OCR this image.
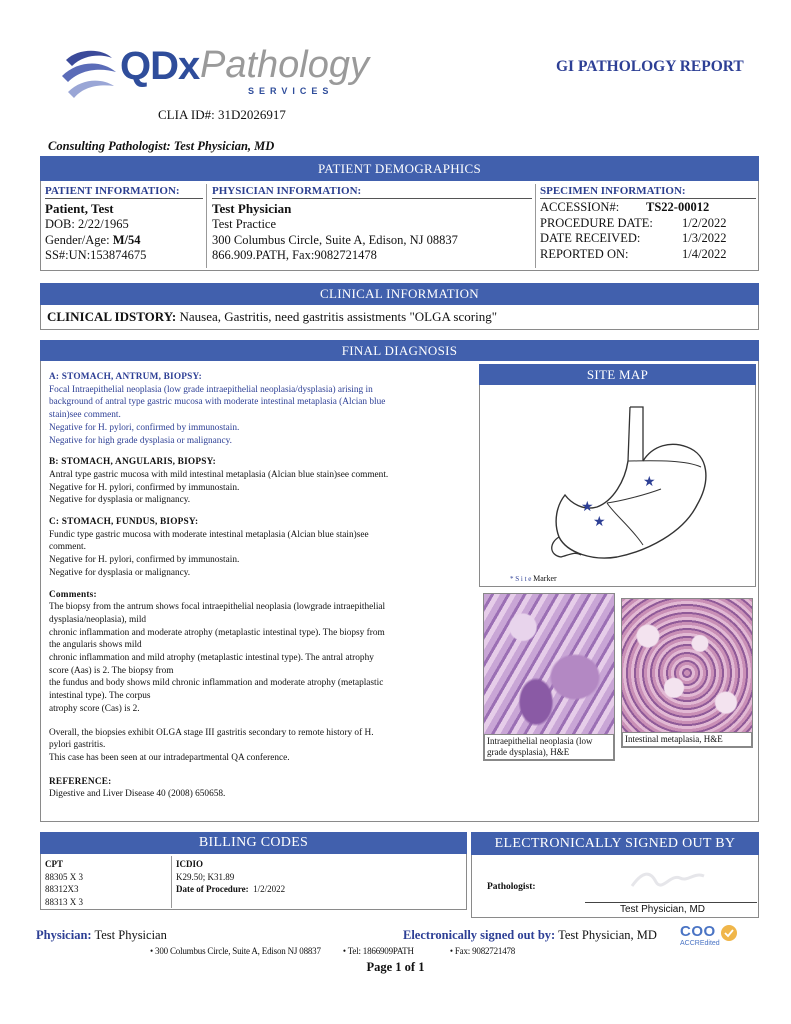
QDx Pathology
SERVICES
GI PATHOLOGY REPORT
CLIA ID#: 31D2026917
Consulting Pathologist: Test Physician, MD
PATIENT DEMOGRAPHICS
PATIENT INFORMATION:
Patient, Test
DOB:
2/22/1965
Gender/Age:
M/54
SS#: UN:153874675
PHYSICIAN INFORMATION:
Test Physician
Test Practice
300 Columbus Circle, Suite A, Edison, NJ 08837
866.909.PATH, Fax:9082721478
SPECIMEN INFORMATION:
ACCESSION#:	TS22-00012
PROCEDURE DATE:	1/2/2022
DATE RECEIVED:	1/3/2022
REPORTED ON:	1/4/2022
CLINICAL INFORMATION
CLINICAL IDSTORY: Nausea, Gastritis, need gastritis assistments "OLGA scoring"
FINAL DIAGNOSIS
A: STOMACH, ANTRUM, BIOPSY:
Focal Intraepithelial neoplasia (low grade intraepithelial neoplasia/dysplasia) arising in
background of antral type gastric mucosa with moderate intestinal metaplasia (Alcian blue
stain)see comment.
Negative for H. pylori, confirmed by immunostain.
Negative for high grade dysplasia or malignancy.
B: STOMACH, ANGULARIS, BIOPSY:
Antral type gastric mucosa with mild intestinal metaplasia (Alcian blue stain)see comment.
Negative for H. pylori, confirmed by immunostain.
Negative for dysplasia or malignancy.
C: STOMACH, FUNDUS, BIOPSY:
Fundic type gastric mucosa with moderate intestinal metaplasia (Alcian blue stain)see
comment.
Negative for H. pylori, confirmed by immunostain.
Negative for dysplasia or malignancy.
Comments:
The biopsy from the antrum shows focal intraepithelial neoplasia (lowgrade intraepithelial
dysplasia/neoplasia), mild
chronic inflammation and moderate atrophy (metaplastic intestinal type). The biopsy from
the angularis shows mild
chronic inflammation and mild atrophy (metaplastic intestinal type). The antral atrophy
score (Aas) is 2. The biopsy from
the fundus and body shows mild chronic inflammation and moderate atrophy (metaplastic
intestinal type). The corpus
atrophy score (Cas) is 2.
Overall, the biopsies exhibit OLGA stage III gastritis secondary to remote history of H.
pylori gastritis.
This case has been seen at our intradepartmental QA conference.
REFERENCE:
Digestive and Liver Disease 40 (2008) 650658.
SITE MAP
★
★
★
* S i t e Marker
Intraepithelial neoplasia (low
grade dysplasia), H&E
Intestinal metaplasia, H&E
BILLING CODES
CPT
88305 X 3
88312X3
88313 X 3
ICDIO
K29.50; K31.89
Date of Procedure: 1/2/2022
ELECTRONICALLY SIGNED OUT BY
Pathologist:
Test Physician, MD
Physician: Test Physician	Electronically signed out by: Test Physician, MD COO
ACCREdited
• 300 Columbus Circle, Suite A, Edison NJ 08837 • Tel: 1866909PATH	• Fax: 9082721478
Page 1 of 1
